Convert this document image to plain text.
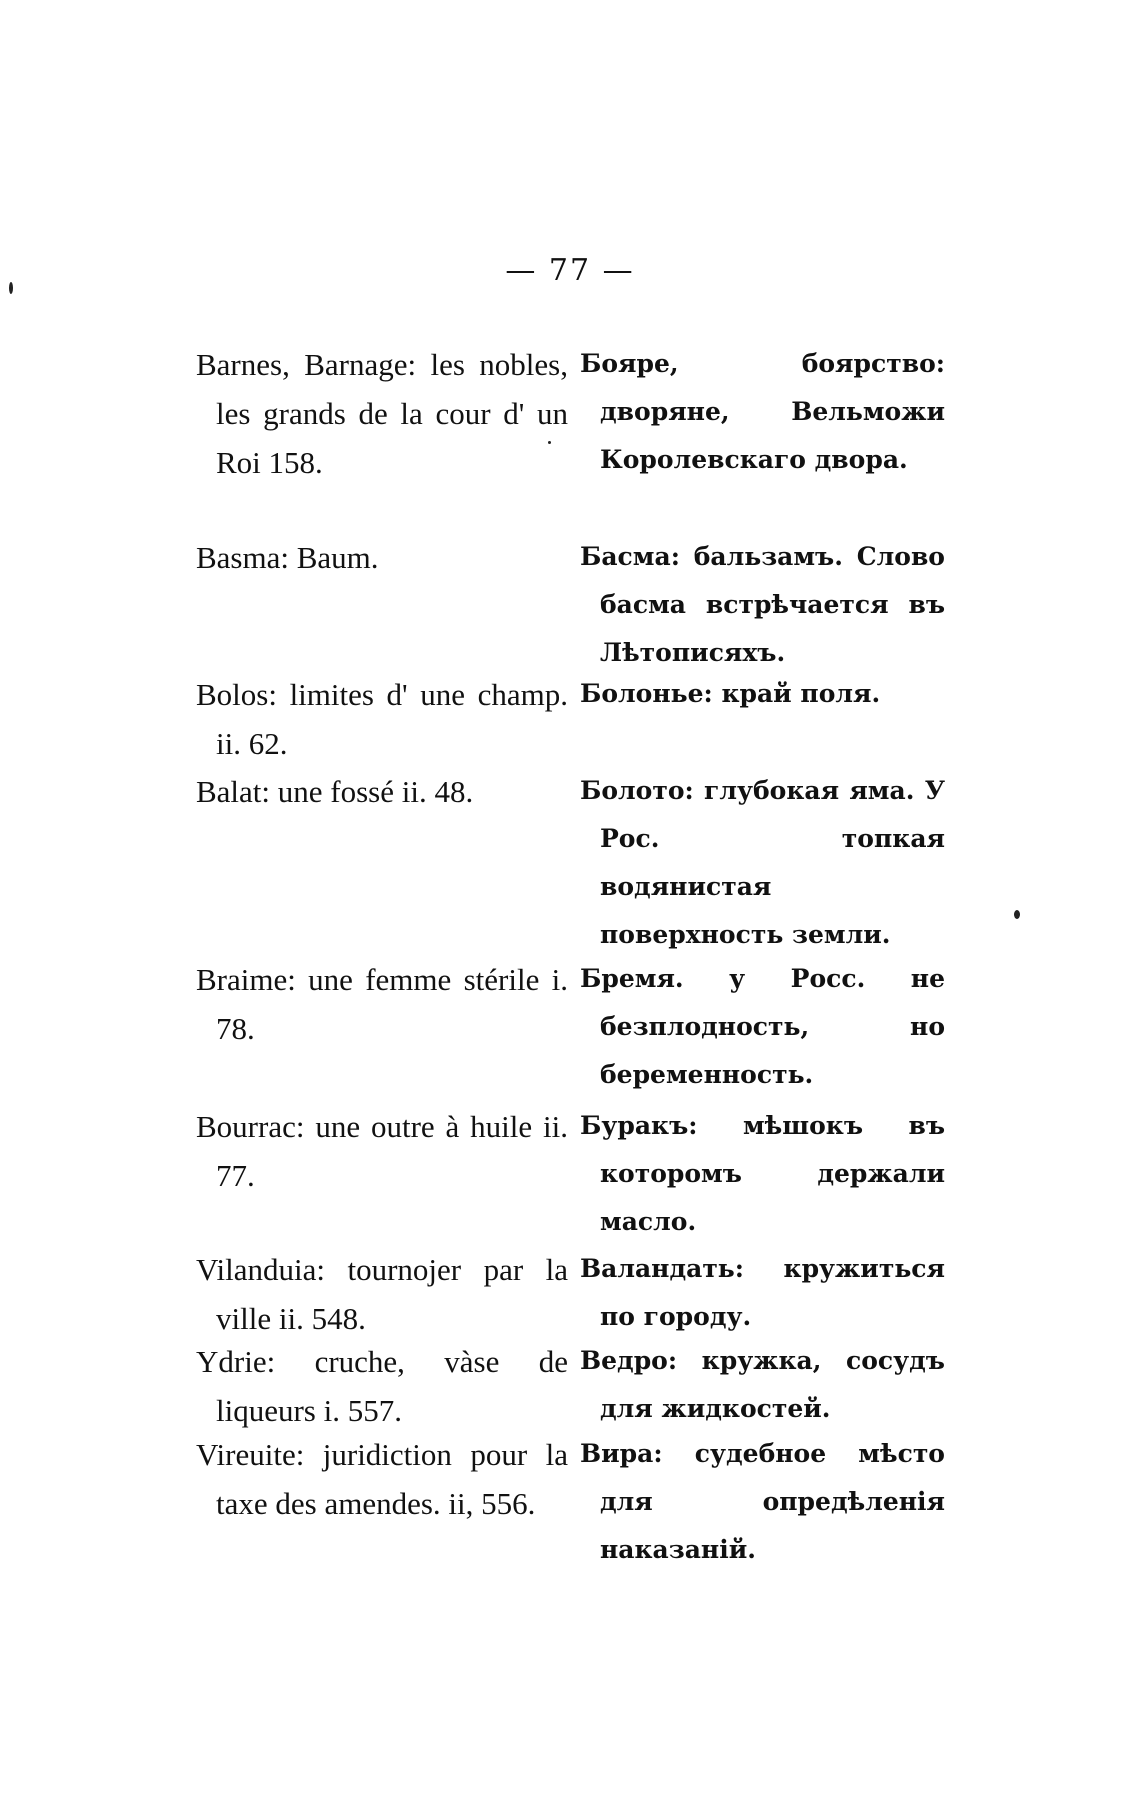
— 77 —
Barnes, Barnage: les nobles, les grands de la cour d' un Roi 158.
Бояре, боярство: дворяне, Вельможи Королевскаго двора.
Basma: Baum.	Басма: бальзамъ. Слово басма встрѣчается въ Лѣтописяхъ.
Bolos: limites d' une champ. ii. 62.
Болонье: край поля.
Balat: une fossé ii. 48.	Болото: глубокая яма. У Рос. топкая водянистая поверхность земли.
Braime: une femme stérile i. 78.
Бремя. у Росс. не безплодность, но беременность.
Bourrac: une outre à huile ii. 77.
Буракъ: мѣшокъ въ которомъ держали масло.
Vilanduia: tournojer par la ville ii. 548.
Валандать: кружиться по городу.
Ydrie: cruche, vàse de liqueurs i. 557.
Ведро: кружка, сосудъ для жидкостей.
Vireuite: juridiction pour la taxe des amendes. ii, 556.
Вира: судебное мѣсто для опредѣленія наказаній.
